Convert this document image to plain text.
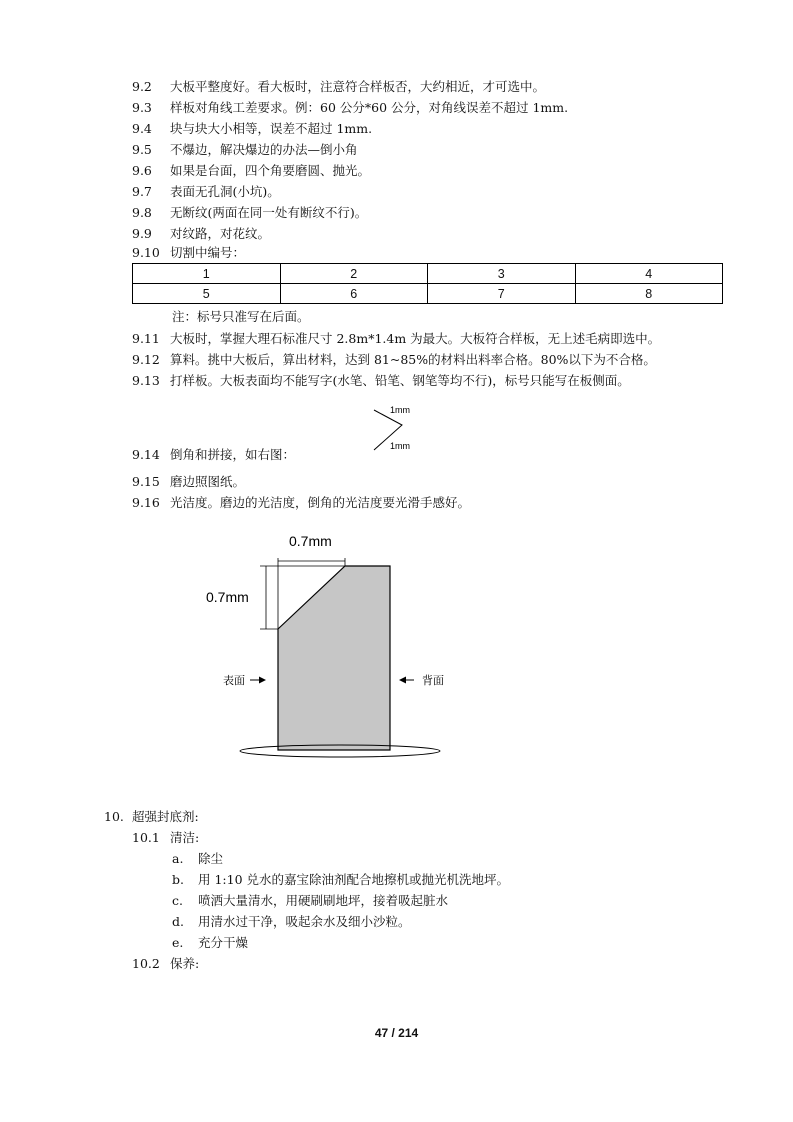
9.2 大板平整度好。看大板时，注意符合样板否，大约相近，才可选中。
9.3 样板对角线工差要求。例：60 公分*60 公分，对角线误差不超过 1mm.
9.4 块与块大小相等，误差不超过 1mm.
9.5 不爆边，解决爆边的办法—倒小角
9.6 如果是台面，四个角要磨圆、抛光。
9.7 表面无孔洞(小坑)。
9.8 无断纹(两面在同一处有断纹不行)。
9.9 对纹路，对花纹。
9.10 切割中编号：
1	2	3	4
5	6	7	8
注：标号只准写在后面。
9.11 大板时，掌握大理石标准尺寸 2.8m*1.4m 为最大。大板符合样板，无上述毛病即选中。
9.12 算料。挑中大板后，算出材料，达到 81~85%的材料出料率合格。80%以下为不合格。
9.13 打样板。大板表面均不能写字(水笔、铅笔、钢笔等均不行)，标号只能写在板侧面。
1mm
1mm
9.14 倒角和拼接，如右图：
9.15 磨边照图纸。
9.16 光洁度。磨边的光洁度，倒角的光洁度要光滑手感好。
0.7mm
0.7mm
表面	背面
10. 超强封底剂:
10.1 清洁:
a. 除尘
b. 用 1:10 兑水的嘉宝除油剂配合地擦机或抛光机洗地坪。
c. 喷洒大量清水，用硬刷刷地坪，接着吸起脏水
d. 用清水过干净，吸起余水及细小沙粒。
e. 充分干燥
10.2 保养:
47 / 214
